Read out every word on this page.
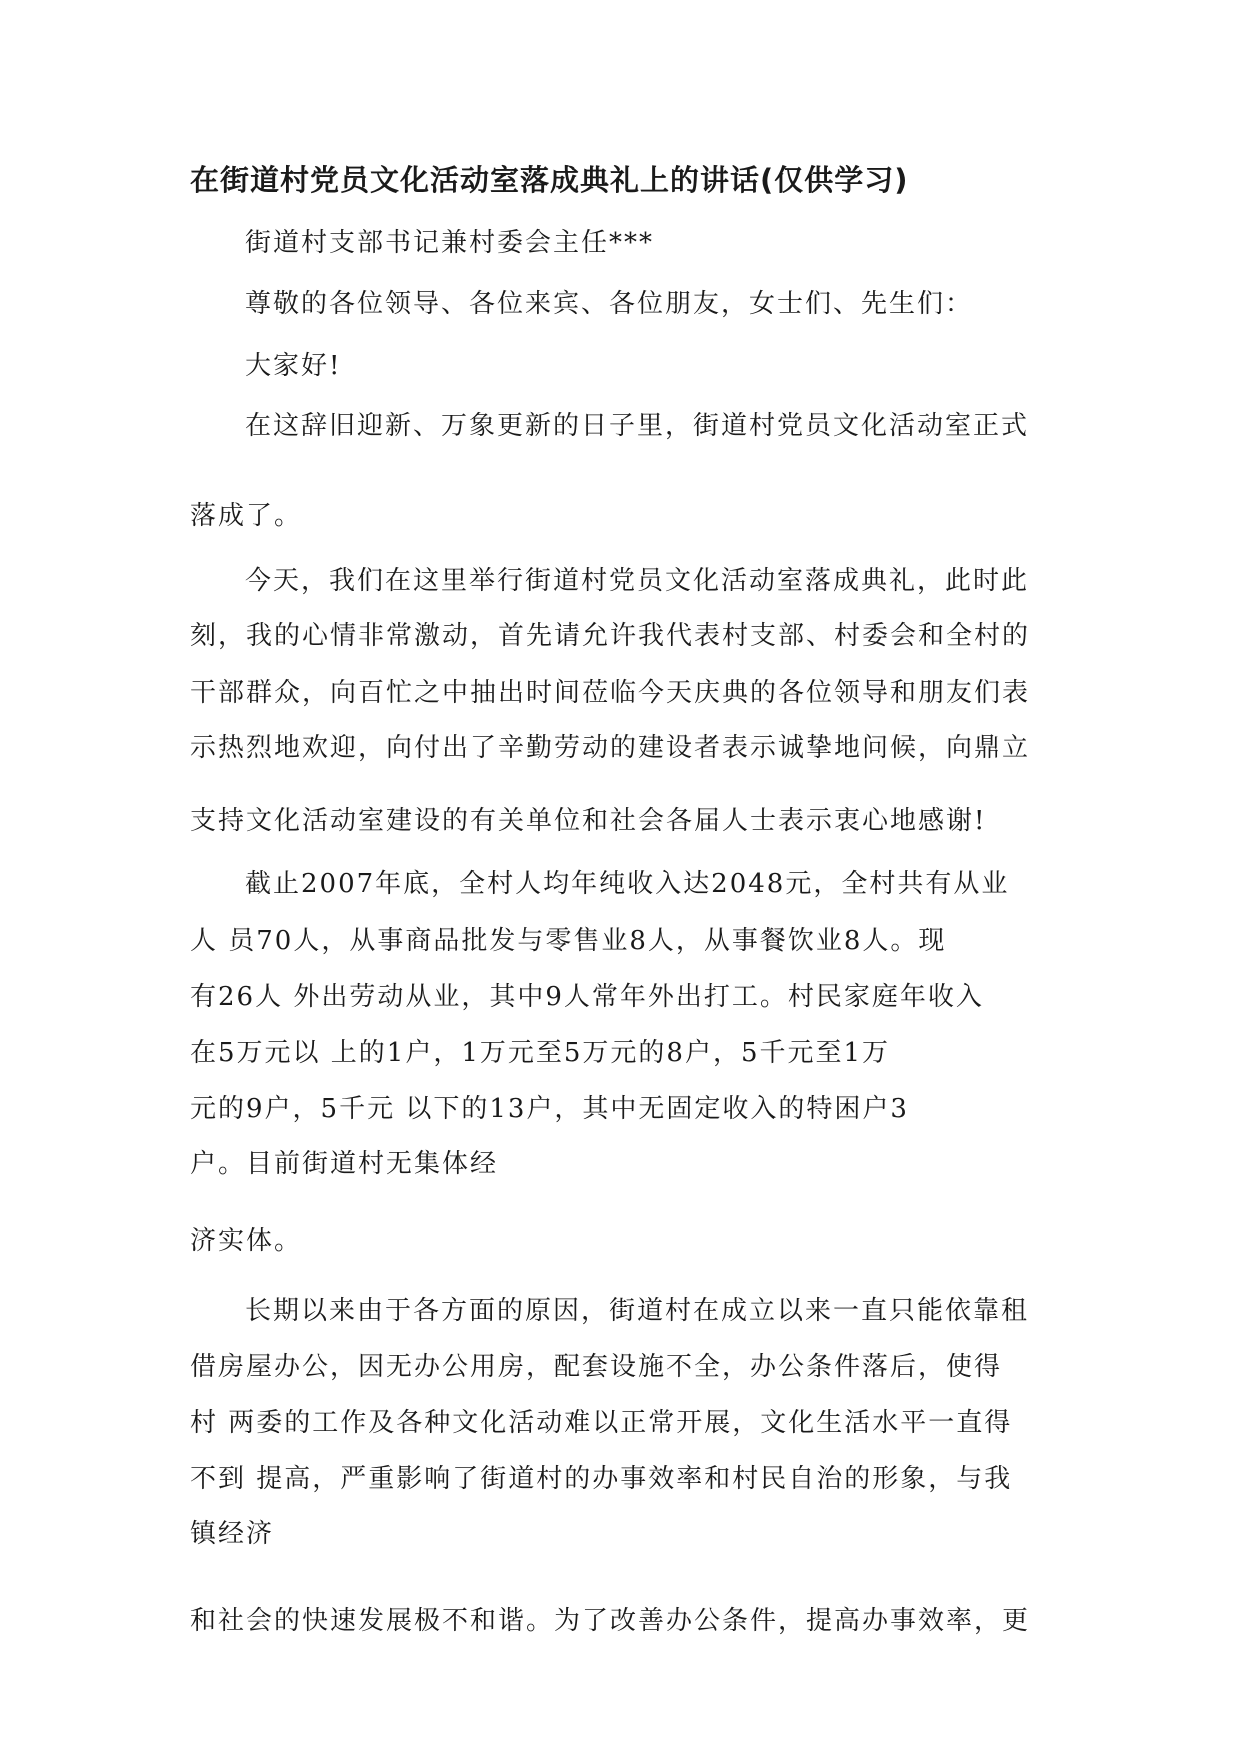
在街道村党员文化活动室落成典礼上的讲话(仅供学习)
街道村支部书记兼村委会主任***
尊敬的各位领导、各位来宾、各位朋友，女士们、先生们：
大家好!
在这辞旧迎新、万象更新的日子里，街道村党员文化活动室正式
落成了。
今天，我们在这里举行街道村党员文化活动室落成典礼，此时此
刻，我的心情非常激动，首先请允许我代表村支部、村委会和全村的
干部群众，向百忙之中抽出时间莅临今天庆典的各位领导和朋友们表
示热烈地欢迎，向付出了辛勤劳动的建设者表示诚挚地问候，向鼎立
支持文化活动室建设的有关单位和社会各届人士表示衷心地感谢!
截止2007年底，全村人均年纯收入达2048元，全村共有从业
人 员70人，从事商品批发与零售业8人，从事餐饮业8人。现
有26人 外出劳动从业，其中9人常年外出打工。村民家庭年收入
在5万元以 上的1户，1万元至5万元的8户，5千元至1万
元的9户，5千元 以下的13户，其中无固定收入的特困户3
户。目前街道村无集体经
济实体。
长期以来由于各方面的原因，街道村在成立以来一直只能依靠租
借房屋办公，因无办公用房，配套设施不全，办公条件落后，使得
村 两委的工作及各种文化活动难以正常开展，文化生活水平一直得
不到 提高，严重影响了街道村的办事效率和村民自治的形象，与我
镇经济
和社会的快速发展极不和谐。为了改善办公条件，提高办事效率，更
